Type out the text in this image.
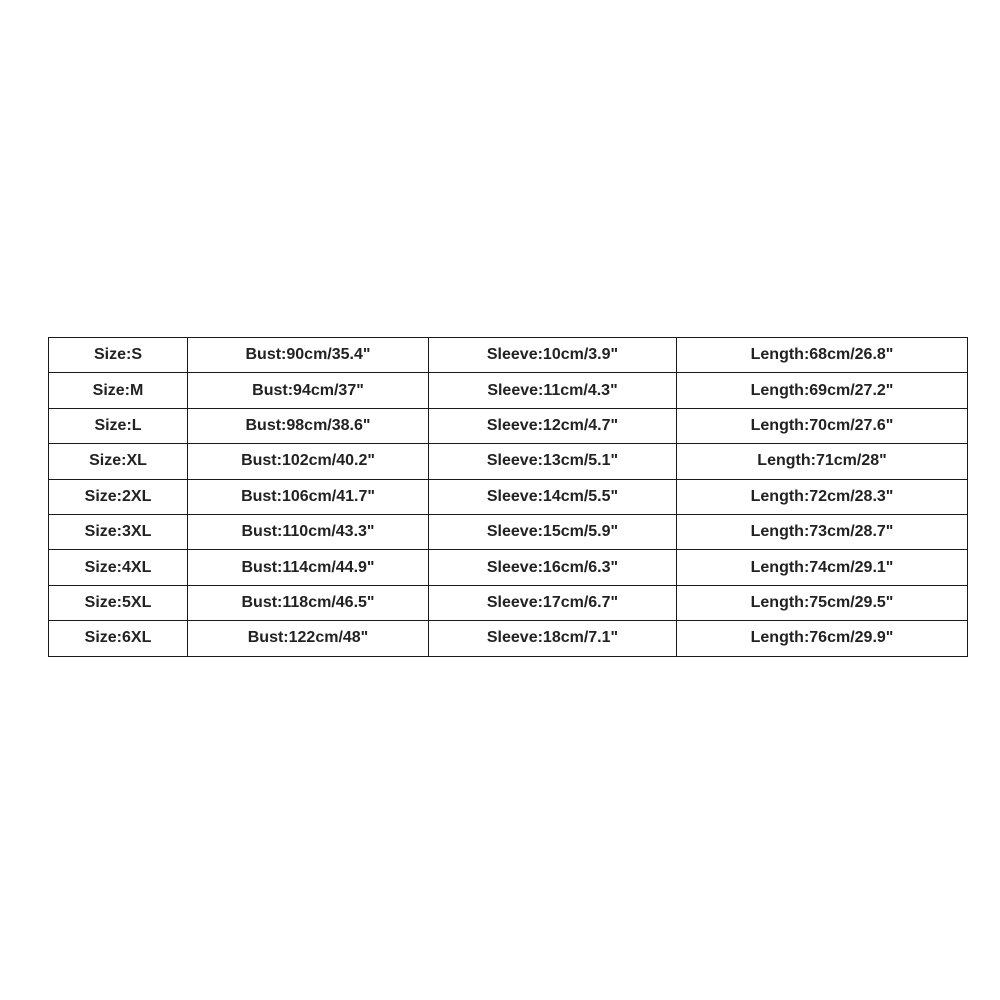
Size:S	Bust:90cm/35.4"	Sleeve:10cm/3.9"	Length:68cm/26.8"
Size:M	Bust:94cm/37"	Sleeve:11cm/4.3"	Length:69cm/27.2"
Size:L	Bust:98cm/38.6"	Sleeve:12cm/4.7"	Length:70cm/27.6"
Size:XL	Bust:102cm/40.2"	Sleeve:13cm/5.1"	Length:71cm/28"
Size:2XL	Bust:106cm/41.7"	Sleeve:14cm/5.5"	Length:72cm/28.3"
Size:3XL	Bust:110cm/43.3"	Sleeve:15cm/5.9"	Length:73cm/28.7"
Size:4XL	Bust:114cm/44.9"	Sleeve:16cm/6.3"	Length:74cm/29.1"
Size:5XL	Bust:118cm/46.5"	Sleeve:17cm/6.7"	Length:75cm/29.5"
Size:6XL	Bust:122cm/48"	Sleeve:18cm/7.1"	Length:76cm/29.9"
